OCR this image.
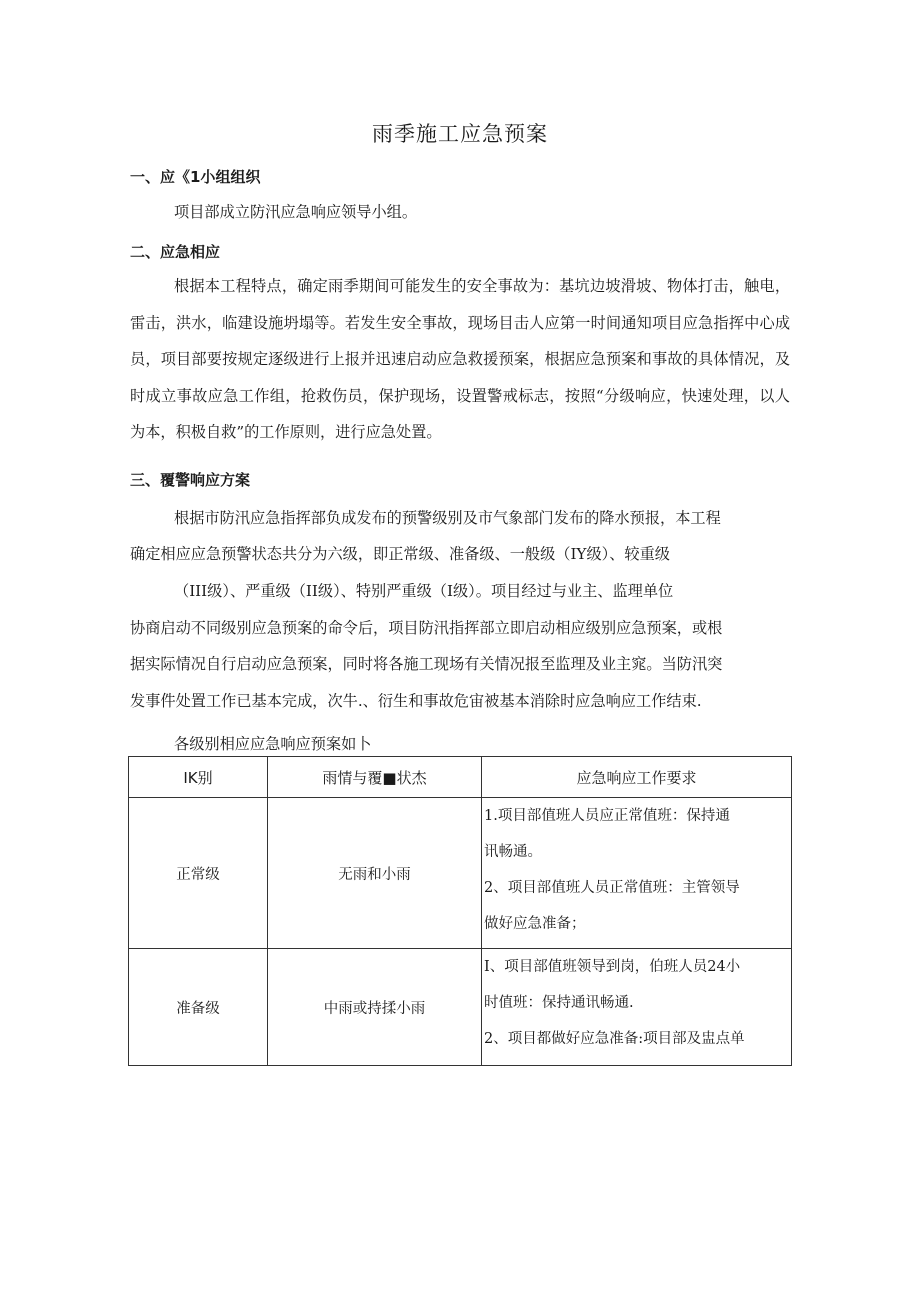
雨季施工应急预案
一、应《1小组组织
项目部成立防汛应急响应领导小组。
二、应急相应
根据本工程特点，确定雨季期间可能发生的安全事故为：基坑边坡滑坡、物体打击，触电，雷击，洪水，临建设施坍塌等。若发生安全事故，现场目击人应第一时间通知项目应急指挥中心成员，项目部要按规定逐级进行上报并迅速启动应急救援预案，根据应急预案和事故的具体情况，及时成立事故应急工作组，抢救伤员，保护现场，设置警戒标志，按照“分级响应，快速处理，以人为本，积极自救”的工作原则，进行应急处置。
三、覆警响应方案
根据市防汛应急指挥部负成发布的预警级别及市气象部门发布的降水预报，本工程
确定相应应急预警状态共分为六级，即正常级、准备级、一般级（IY级）、较重级
（III级）、严重级（II级）、特别严重级（I级）。项目经过与业主、监理单位
协商启动不同级别应急预案的命令后，项目防汛指挥部立即启动相应级别应急预案，或根
据实际情况自行启动应急预案，同时将各施工现场有关情况报至监理及业主窕。当防汛突
发事件处置工作已基本完成，次牛.、衍生和事故危宙被基本消除时应急响应工作结束.
各级别相应应急响应预案如卜
IK别	雨情与覆■状杰	应急响应工作要求
正常级	无雨和小雨	1.项目部值班人员应正常值班：保持通
讯畅通。
2、项目部值班人员正常值班：主管领导
做好应急准备；

准备级	中雨或持揉小雨	I、项目部值班领导到岗，伯班人员24小
时值班：保持通讯畅通.
2、项目都做好应急准备:项目部及盅点单
